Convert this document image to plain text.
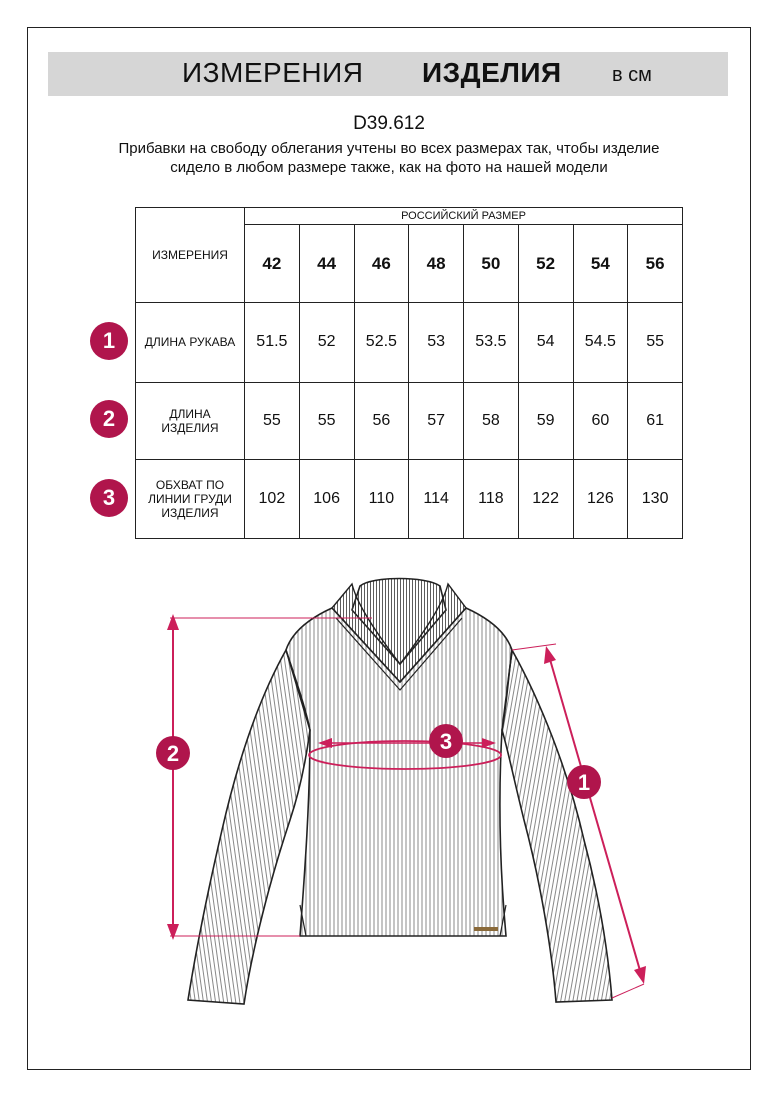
ИЗМЕРЕНИЯ ИЗДЕЛИЯ	в см
D39.612
Прибавки на свободу облегания учтены во всех размерах так, чтобы изделие сидело в любом размере также, как на фото на нашей модели
ИЗМЕРЕНИЯ	РОССИЙСКИЙ РАЗМЕР							
	42	44	46	48	50	52	54	56
ДЛИНА РУКАВА	51.5	52	52.5	53	53.5	54	54.5	55
ДЛИНА ИЗДЕЛИЯ	55	55	56	57	58	59	60	61
ОБХВАТ ПО ЛИНИИ ГРУДИ ИЗДЕЛИЯ	102	106	110	114	118	122	126	130
1
2
3
1
2	3
